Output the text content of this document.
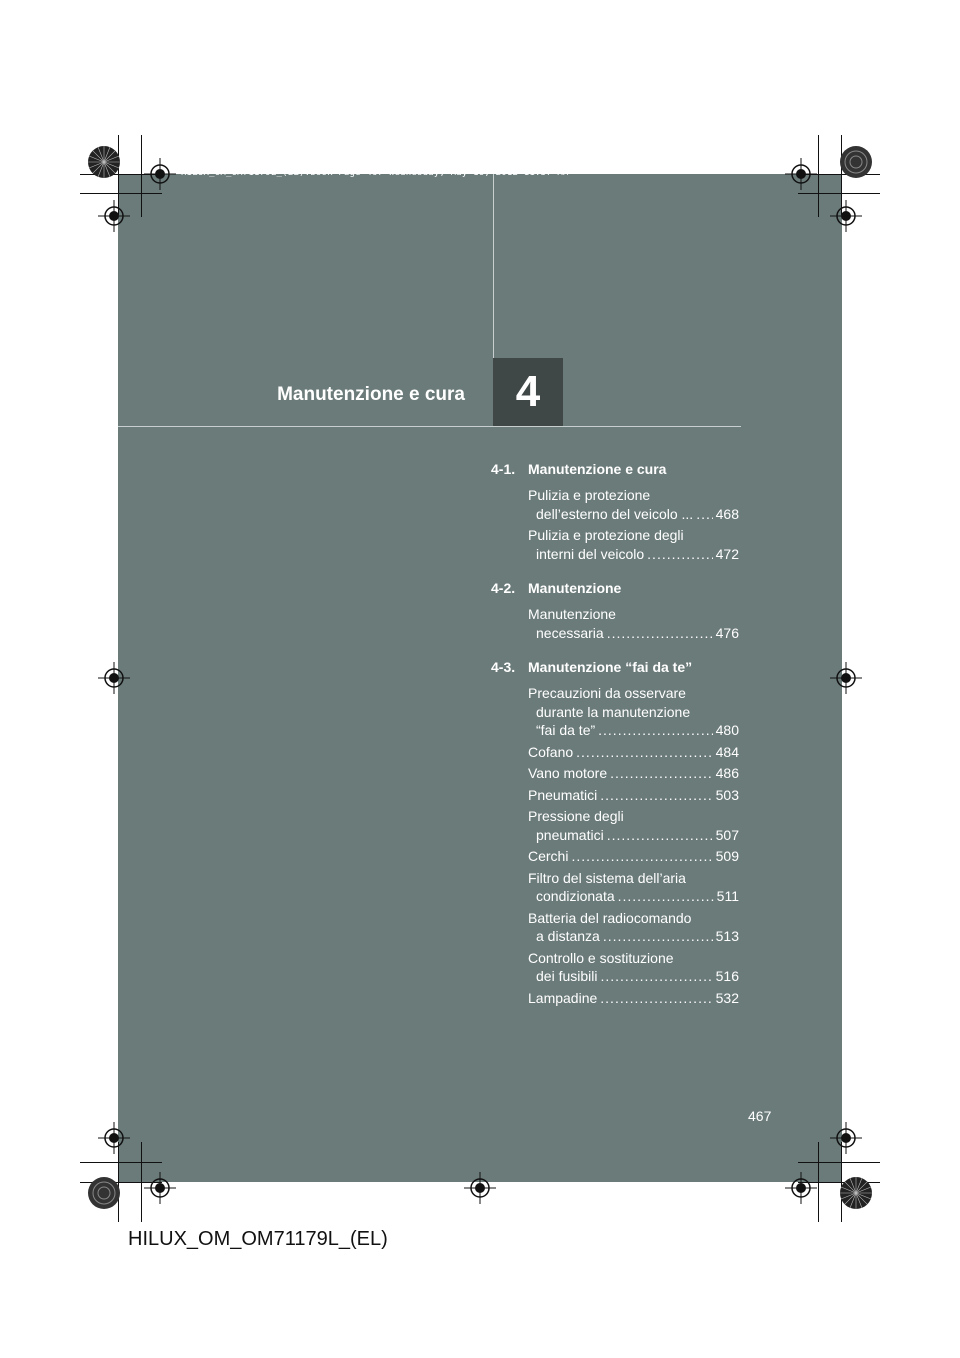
HILUX_OM_OM71179L_(EL).book Page 467 Wednesday, May 16, 2012 11:37 AM
Manutenzione e cura 4
4-1. Manutenzione e cura
Pulizia e protezione
dell’esterno del veicolo ... ..... 468
Pulizia e protezione degli
interni del veicolo .....	472
4-2. Manutenzione
Manutenzione
necessaria .....	476
4-3. Manutenzione “fai da te”
Precauzioni da osservare
durante la manutenzione
“fai da te” .....	480
Cofano .....	484
Vano motore .....	486
Pneumatici .....	503
Pressione degli
pneumatici .....	507
Cerchi .....	509
Filtro del sistema dell’aria
condizionata .....	511
Batteria del radiocomando
a distanza .....	513
Controllo e sostituzione
dei fusibili .....	516
Lampadine .....	532
467
HILUX_OM_OM71179L_(EL)
